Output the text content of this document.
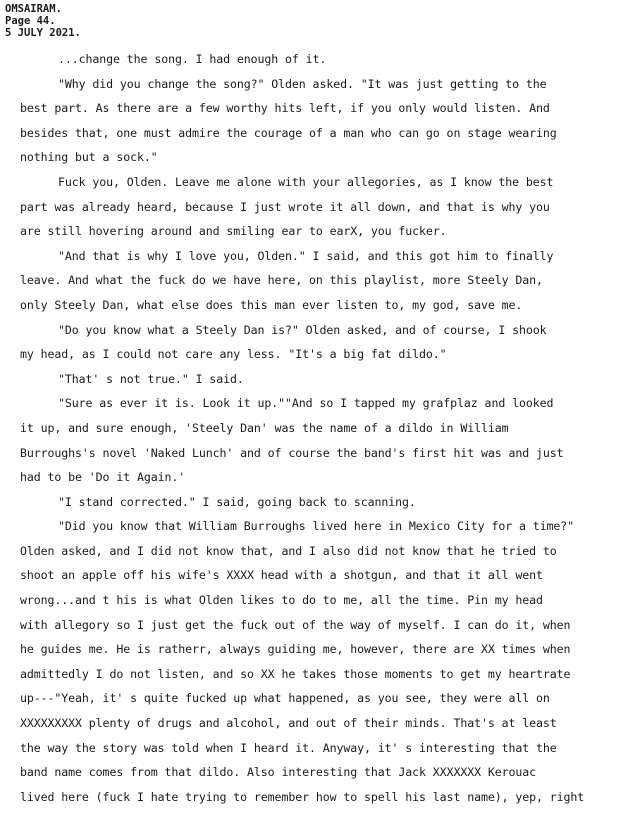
OMSAIRAM.
Page 44.
5 JULY 2021.
...change the song. I had enough of it.
"Why did you change the song?" Olden asked. "It was just getting to the
best part. As there are a few worthy hits left, if you only would listen. And
besides that, one must admire the courage of a man who can go on stage wearing
nothing but a sock."
Fuck you, Olden. Leave me alone with your allegories, as I know the best
part was already heard, because I just wrote it all down, and that is why you
are still hovering around and smiling ear to earX, you fucker.
"And that is why I love you, Olden." I said, and this got him to finally
leave. And what the fuck do we have here, on this playlist, more Steely Dan,
only Steely Dan, what else does this man ever listen to, my god, save me.
"Do you know what a Steely Dan is?" Olden asked, and of course, I shook
my head, as I could not care any less. "It's a big fat dildo."
"That' s not true." I said.
"Sure as ever it is. Look it up.""And so I tapped my grafplaz and looked
it up, and sure enough, 'Steely Dan' was the name of a dildo in William
Burroughs's novel 'Naked Lunch' and of course the band's first hit was and just
had to be 'Do it Again.'
"I stand corrected." I said, going back to scanning.
"Did you know that William Burroughs lived here in Mexico City for a time?"
Olden asked, and I did not know that, and I also did not know that he tried to
shoot an apple off his wife's XXXX head with a shotgun, and that it all went
wrong...and t his is what Olden likes to do to me, all the time. Pin my head
with allegory so I just get the fuck out of the way of myself. I can do it, when
he guides me. He is ratherr, always guiding me, however, there are XX times when
admittedly I do not listen, and so XX he takes those moments to get my heartrate
up---"Yeah, it' s quite fucked up what happened, as you see, they were all on
XXXXXXXXX plenty of drugs and alcohol, and out of their minds. That's at least
the way the story was told when I heard it. Anyway, it' s interesting that the
band name comes from that dildo. Also interesting that Jack XXXXXXX Kerouac
lived here (fuck I hate trying to remember how to spell his last name), yep, right
